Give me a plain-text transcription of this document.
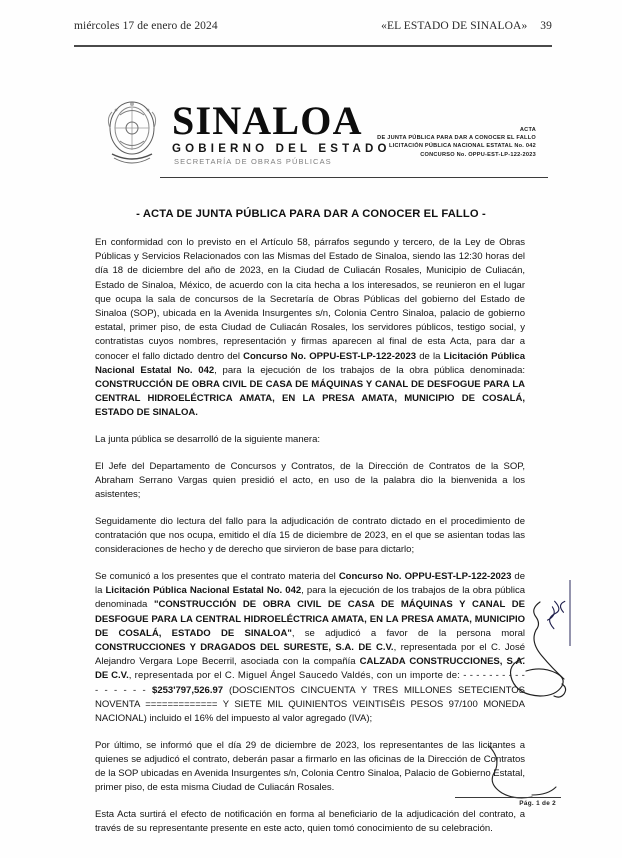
miércoles 17 de enero de 2024	«EL ESTADO DE SINALOA» 39
SINALOA
GOBIERNO DEL ESTADO
SECRETARÍA DE OBRAS PÚBLICAS
ACTA
DE JUNTA PÚBLICA PARA DAR A CONOCER EL FALLO
LICITACIÓN PÚBLICA NACIONAL ESTATAL No. 042
CONCURSO No. OPPU-EST-LP-122-2023
- ACTA DE JUNTA PÚBLICA PARA DAR A CONOCER EL FALLO -

En conformidad con lo previsto en el Artículo 58, párrafos segundo y tercero, de la Ley de Obras Públicas y Servicios Relacionados con las Mismas del Estado de Sinaloa, siendo las 12:30 horas del día 18 de diciembre del año de 2023, en la Ciudad de Culiacán Rosales, Municipio de Culiacán, Estado de Sinaloa, México, de acuerdo con la cita hecha a los interesados, se reunieron en el lugar que ocupa la sala de concursos de la Secretaría de Obras Públicas del gobierno del Estado de Sinaloa (SOP), ubicada en la Avenida Insurgentes s/n, Colonia Centro Sinaloa, palacio de gobierno estatal, primer piso, de esta Ciudad de Culiacán Rosales, los servidores públicos, testigo social, y contratistas cuyos nombres, representación y firmas aparecen al final de esta Acta, para dar a conocer el fallo dictado dentro del Concurso No. OPPU-EST-LP-122-2023 de la Licitación Pública Nacional Estatal No. 042, para la ejecución de los trabajos de la obra pública denominada: CONSTRUCCIÓN DE OBRA CIVIL DE CASA DE MÁQUINAS Y CANAL DE DESFOGUE PARA LA CENTRAL HIDROELÉCTRICA AMATA, EN LA PRESA AMATA, MUNICIPIO DE COSALÁ, ESTADO DE SINALOA.

La junta pública se desarrolló de la siguiente manera:

El Jefe del Departamento de Concursos y Contratos, de la Dirección de Contratos de la SOP, Abraham Serrano Vargas quien presidió el acto, en uso de la palabra dio la bienvenida a los asistentes;

Seguidamente dio lectura del fallo para la adjudicación de contrato dictado en el procedimiento de contratación que nos ocupa, emitido el día 15 de diciembre de 2023, en el que se asientan todas las consideraciones de hecho y de derecho que sirvieron de base para dictarlo;

Se comunicó a los presentes que el contrato materia del Concurso No. OPPU-EST-LP-122-2023 de la Licitación Pública Nacional Estatal No. 042, para la ejecución de los trabajos de la obra pública denominada "CONSTRUCCIÓN DE OBRA CIVIL DE CASA DE MÁQUINAS Y CANAL DE DESFOGUE PARA LA CENTRAL HIDROELÉCTRICA AMATA, EN LA PRESA AMATA, MUNICIPIO DE COSALÁ, ESTADO DE SINALOA", se adjudicó a favor de la persona moral CONSTRUCCIONES Y DRAGADOS DEL SURESTE, S.A. DE C.V., representada por el C. José Alejandro Vergara Lope Becerril, asociada con la compañía CALZADA CONSTRUCCIONES, S.A. DE C.V., representada por el C. Miguel Ángel Saucedo Valdés, con un importe de: - - - - - - - - - - - - - - - - $253'797,526.97 (DOSCIENTOS CINCUENTA Y TRES MILLONES SETECIENTOS NOVENTA ============= Y SIETE MIL QUINIENTOS VEINTISÉIS PESOS 97/100 MONEDA NACIONAL) incluido el 16% del impuesto al valor agregado (IVA);

Por último, se informó que el día 29 de diciembre de 2023, los representantes de las licitantes a quienes se adjudicó el contrato, deberán pasar a firmarlo en las oficinas de la Dirección de Contratos de la SOP ubicadas en Avenida Insurgentes s/n, Colonia Centro Sinaloa, Palacio de Gobierno Estatal, primer piso, de esta misma Ciudad de Culiacán Rosales.

Esta Acta surtirá el efecto de notificación en forma al beneficiario de la adjudicación del contrato, a través de su representante presente en este acto, quien tomó conocimiento de su celebración.

Pág. 1 de 2
